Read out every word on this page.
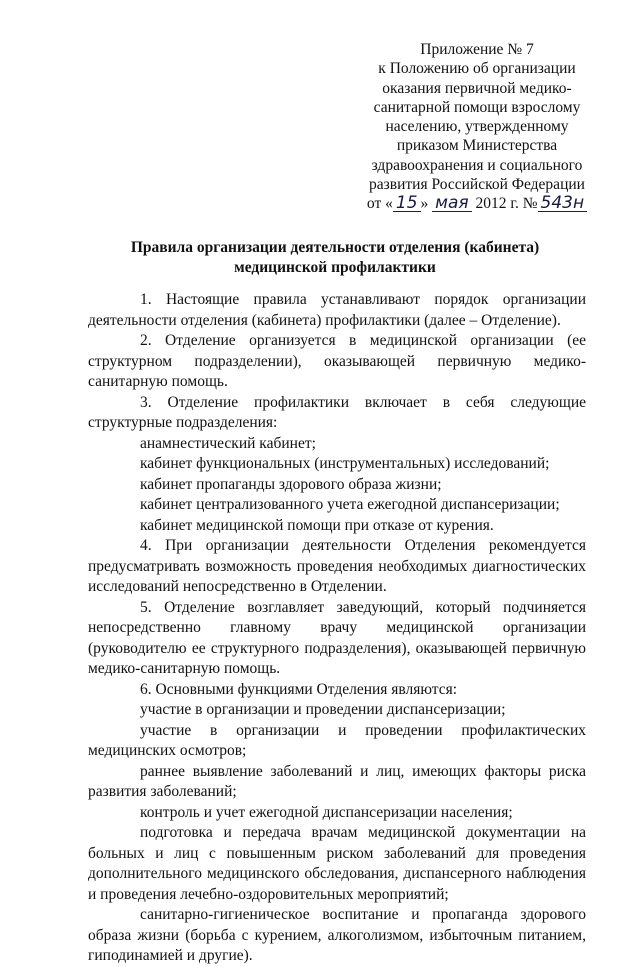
Приложение № 7
к Положению об организации
оказания первичной медико-
санитарной помощи взрослому
населению, утвержденному
приказом Министерства
здравоохранения и социального
развития Российской Федерации
от « 15 » мая 2012 г. № 543н
Правила организации деятельности отделения (кабинета)
медицинской профилактики

1. Настоящие правила устанавливают порядок организации деятельности отделения (кабинета) профилактики (далее – Отделение).

2. Отделение организуется в медицинской организации (ее структурном подразделении), оказывающей первичную медико-санитарную помощь.

3. Отделение профилактики включает в себя следующие структурные подразделения:

анамнестический кабинет;

кабинет функциональных (инструментальных) исследований;

кабинет пропаганды здорового образа жизни;

кабинет централизованного учета ежегодной диспансеризации;

кабинет медицинской помощи при отказе от курения.

4. При организации деятельности Отделения рекомендуется предусматривать возможность проведения необходимых диагностических исследований непосредственно в Отделении.

5. Отделение возглавляет заведующий, который подчиняется непосредственно главному врачу медицинской организации (руководителю ее структурного подразделения), оказывающей первичную медико-санитарную помощь.

6. Основными функциями Отделения являются:

участие в организации и проведении диспансеризации;

участие в организации и проведении профилактических медицинских осмотров;

раннее выявление заболеваний и лиц, имеющих факторы риска развития заболеваний;

контроль и учет ежегодной диспансеризации населения;

подготовка и передача врачам медицинской документации на больных и лиц с повышенным риском заболеваний для проведения дополнительного медицинского обследования, диспансерного наблюдения и проведения лечебно-оздоровительных мероприятий;

санитарно-гигиеническое воспитание и пропаганда здорового образа жизни (борьба с курением, алкоголизмом, избыточным питанием, гиподинамией и другие).
